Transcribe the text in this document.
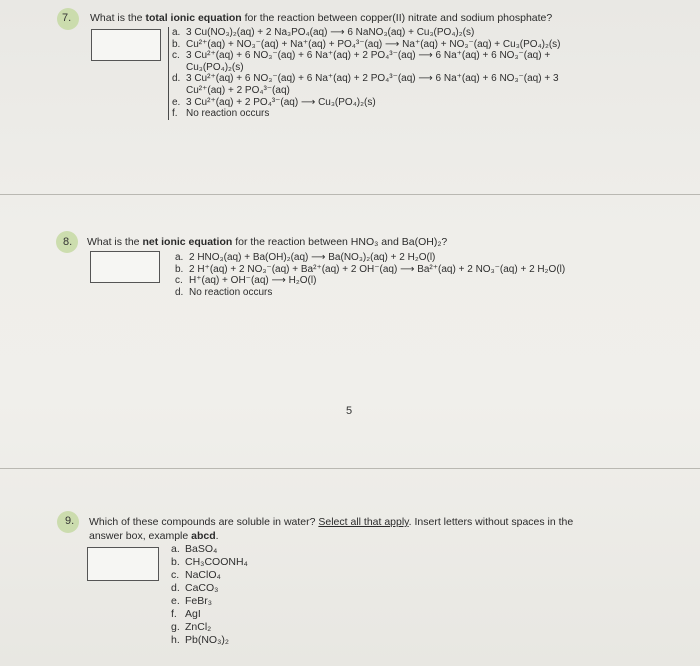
7. What is the total ionic equation for the reaction between copper(II) nitrate and sodium phosphate?
a. 3 Cu(NO₃)₂(aq) + 2 Na₃PO₄(aq) ⟶ 6 NaNO₃(aq) + Cu₃(PO₄)₂(s)
b. Cu²⁺(aq) + NO₃⁻(aq) + Na⁺(aq) + PO₄³⁻(aq) ⟶ Na⁺(aq) + NO₃⁻(aq) + Cu₃(PO₄)₂(s)
c. 3 Cu²⁺(aq) + 6 NO₃⁻(aq) + 6 Na⁺(aq) + 2 PO₄³⁻(aq) ⟶ 6 Na⁺(aq) + 6 NO₃⁻(aq) +
Cu₃(PO₄)₂(s)
d. 3 Cu²⁺(aq) + 6 NO₃⁻(aq) + 6 Na⁺(aq) + 2 PO₄³⁻(aq) ⟶ 6 Na⁺(aq) + 6 NO₃⁻(aq) + 3
Cu²⁺(aq) + 2 PO₄³⁻(aq)
e. 3 Cu²⁺(aq) + 2 PO₄³⁻(aq) ⟶ Cu₃(PO₄)₂(s)
f. No reaction occurs
8. What is the net ionic equation for the reaction between HNO₃ and Ba(OH)₂?
a. 2 HNO₃(aq) + Ba(OH)₂(aq) ⟶ Ba(NO₃)₂(aq) + 2 H₂O(l)
b. 2 H⁺(aq) + 2 NO₃⁻(aq) + Ba²⁺(aq) + 2 OH⁻(aq) ⟶ Ba²⁺(aq) + 2 NO₃⁻(aq) + 2 H₂O(l)
c. H⁺(aq) + OH⁻(aq) ⟶ H₂O(l)
d. No reaction occurs
5
9. Which of these compounds are soluble in water? Select all that apply. Insert letters without spaces in the
answer box, example abcd.
a. BaSO₄
b. CH₃COONH₄
c. NaClO₄
d. CaCO₃
e. FeBr₃
f. AgI
g. ZnCl₂
h. Pb(NO₃)₂
